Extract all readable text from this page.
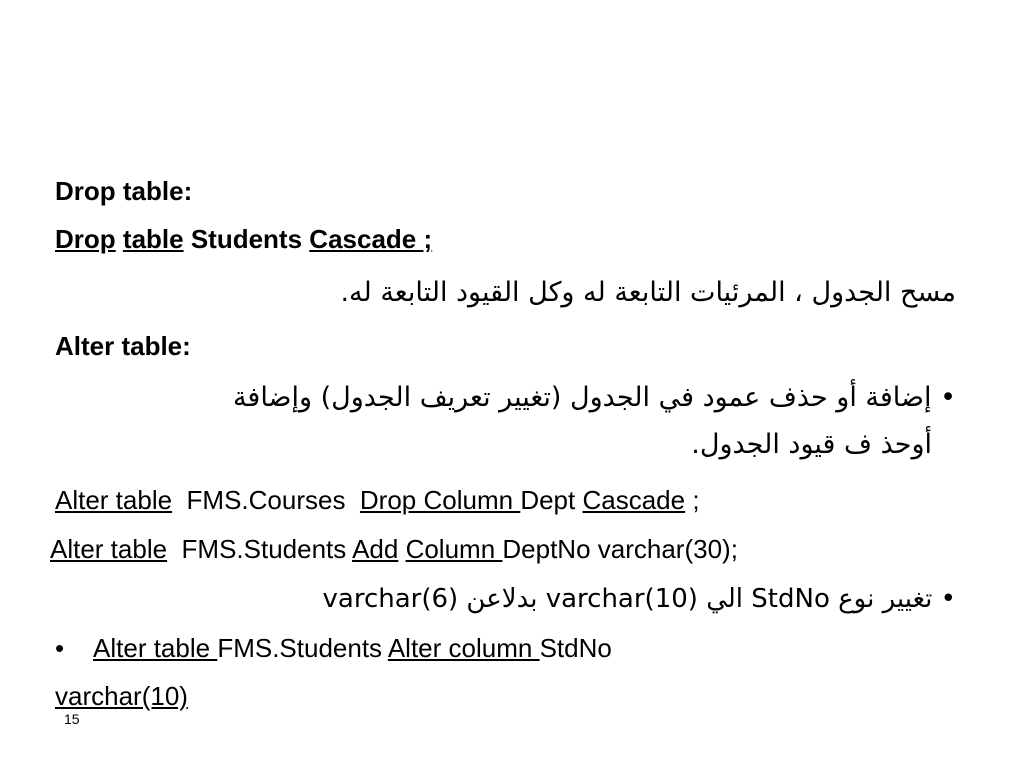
Drop table:
Drop table Students Cascade ;
مسح الجدول ، المرئيات التابعة له وكل القيود التابعة له.
Alter table:
• إضافة أو حذف عمود في الجدول (تغيير تعريف الجدول) وإضافة
أوحذ ف قيود الجدول.
Alter table FMS.Courses Drop Column Dept Cascade ;
Alter table FMS.Students Add Column DeptNo varchar(30);
• تغيير نوع StdNo الي varchar(10) بدلاعن varchar(6)
• Alter table FMS.Students Alter column StdNo
varchar(10)
15
